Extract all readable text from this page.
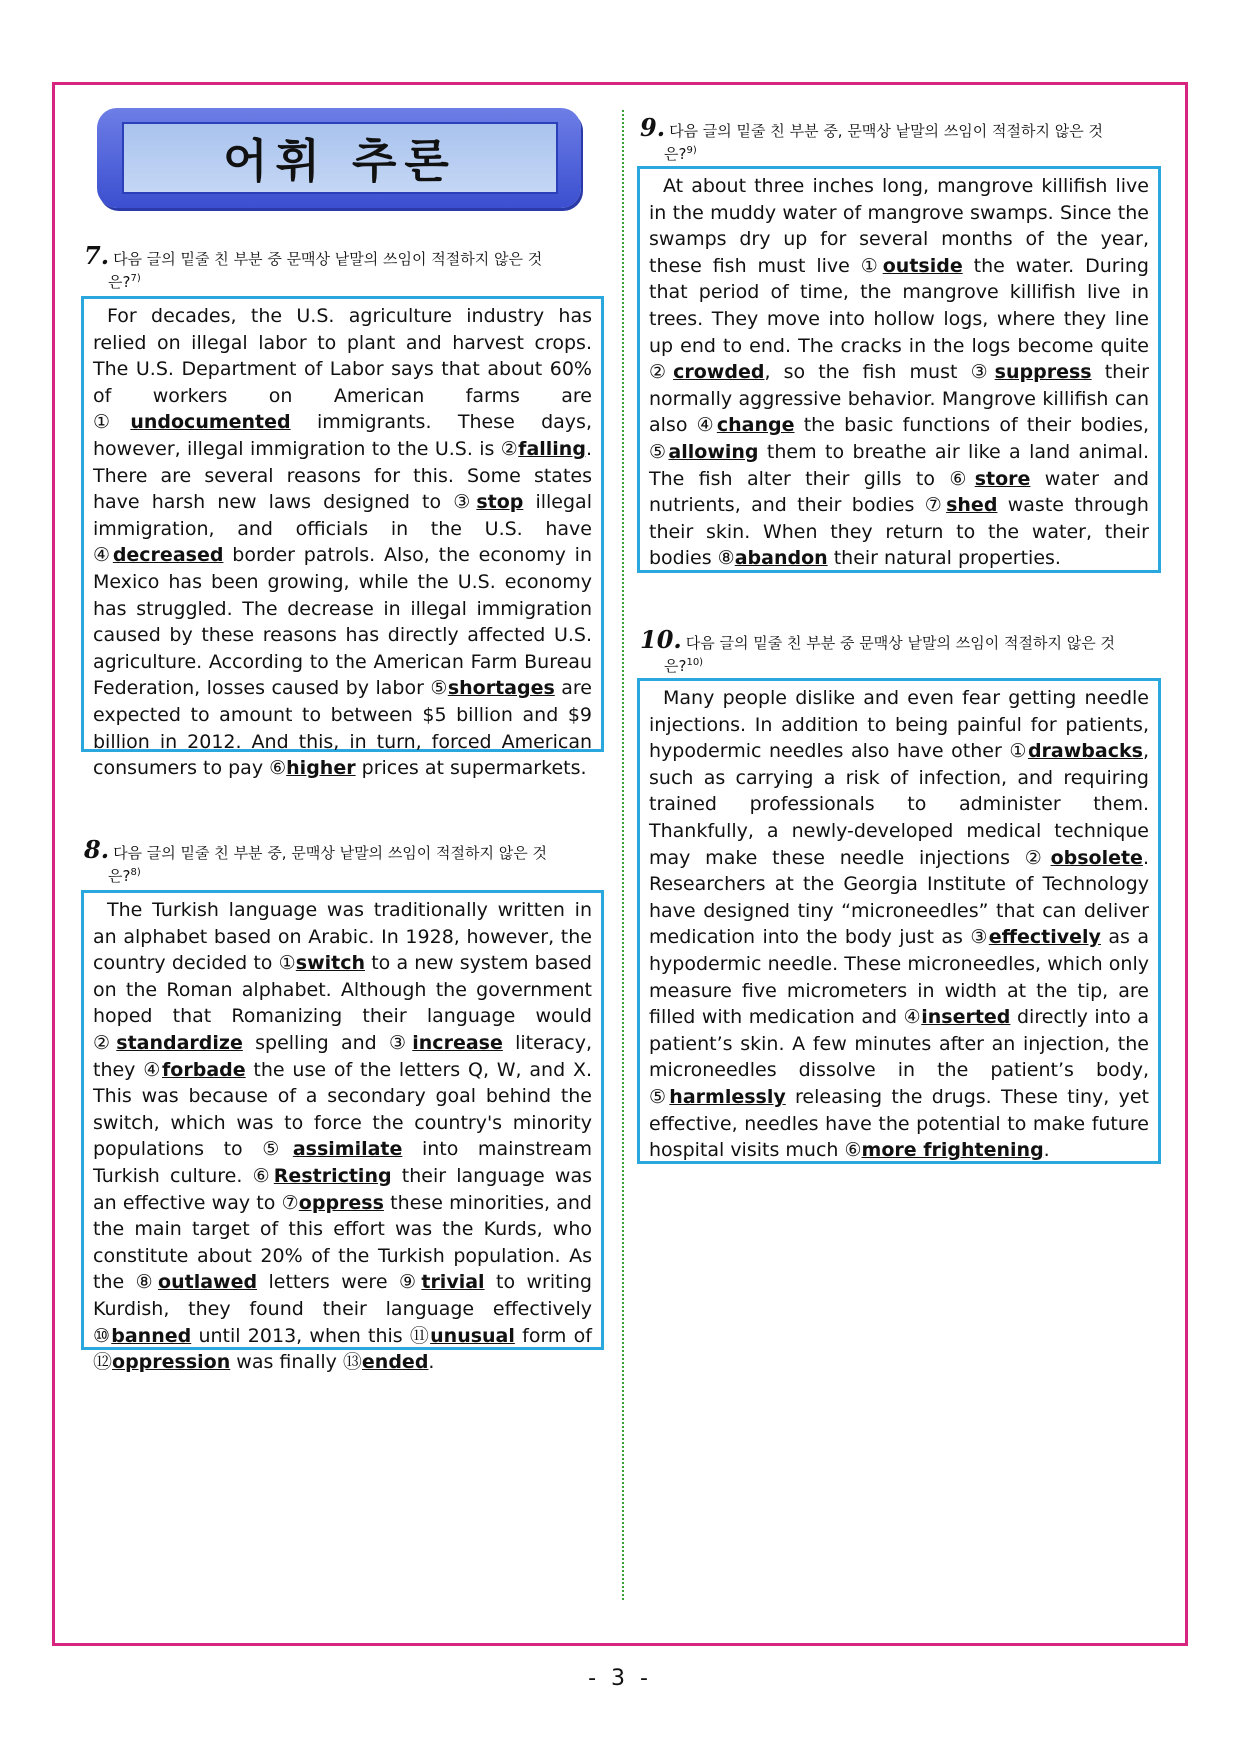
어휘 추론
7. 다음 글의 밑줄 친 부분 중 문맥상 낱말의 쓰임이 적절하지 않은 것
은?$^{7)}$

For decades, the U.S. agriculture industry has relied on illegal labor to plant and harvest crops. The U.S. Department of Labor says that about 60% of workers on American farms are ①undocumented immigrants. These days, however, illegal immigration to the U.S. is ②falling. There are several reasons for this. Some states have harsh new laws designed to ③stop illegal immigration, and officials in the U.S. have ④decreased border patrols. Also, the economy in Mexico has been growing, while the U.S. economy has struggled. The decrease in illegal immigration caused by these reasons has directly affected U.S. agriculture. According to the American Farm Bureau Federation, losses caused by labor ⑤shortages are expected to amount to between $5 billion and $9 billion in 2012. And this, in turn, forced American consumers to pay ⑥higher prices at supermarkets.

8. 다음 글의 밑줄 친 부분 중, 문맥상 낱말의 쓰임이 적절하지 않은 것
은?$^{8)}$

The Turkish language was traditionally written in an alphabet based on Arabic. In 1928, however, the country decided to ①switch to a new system based on the Roman alphabet. Although the government hoped that Romanizing their language would ②standardize spelling and ③increase literacy, they ④forbade the use of the letters Q, W, and X. This was because of a secondary goal behind the switch, which was to force the country's minority populations to ⑤assimilate into mainstream Turkish culture. ⑥Restricting their language was an effective way to ⑦oppress these minorities, and the main target of this effort was the Kurds, who constitute about 20% of the Turkish population. As the ⑧outlawed letters were ⑨trivial to writing Kurdish, they found their language effectively ⑩banned until 2013, when this ⑪unusual form of ⑫oppression was finally ⑬ended.

9. 다음 글의 밑줄 친 부분 중, 문맥상 낱말의 쓰임이 적절하지 않은 것
은?$^{9)}$

At about three inches long, mangrove killifish live in the muddy water of mangrove swamps. Since the swamps dry up for several months of the year, these fish must live ①outside the water. During that period of time, the mangrove killifish live in trees. They move into hollow logs, where they line up end to end. The cracks in the logs become quite ②crowded, so the fish must ③suppress their normally aggressive behavior. Mangrove killifish can also ④change the basic functions of their bodies, ⑤allowing them to breathe air like a land animal. The fish alter their gills to ⑥store water and nutrients, and their bodies ⑦shed waste through their skin. When they return to the water, their bodies ⑧abandon their natural properties.

10. 다음 글의 밑줄 친 부분 중 문맥상 낱말의 쓰임이 적절하지 않은 것
은?$^{10)}$

Many people dislike and even fear getting needle injections. In addition to being painful for patients, hypodermic needles also have other ①drawbacks, such as carrying a risk of infection, and requiring trained professionals to administer them. Thankfully, a newly-developed medical technique may make these needle injections ②obsolete. Researchers at the Georgia Institute of Technology have designed tiny “microneedles” that can deliver medication into the body just as ③effectively as a hypodermic needle. These microneedles, which only measure five micrometers in width at the tip, are filled with medication and ④inserted directly into a patient’s skin. A few minutes after an injection, the microneedles dissolve in the patient’s body, ⑤harmlessly releasing the drugs. These tiny, yet effective, needles have the potential to make future hospital visits much ⑥more frightening.

- 3 -
